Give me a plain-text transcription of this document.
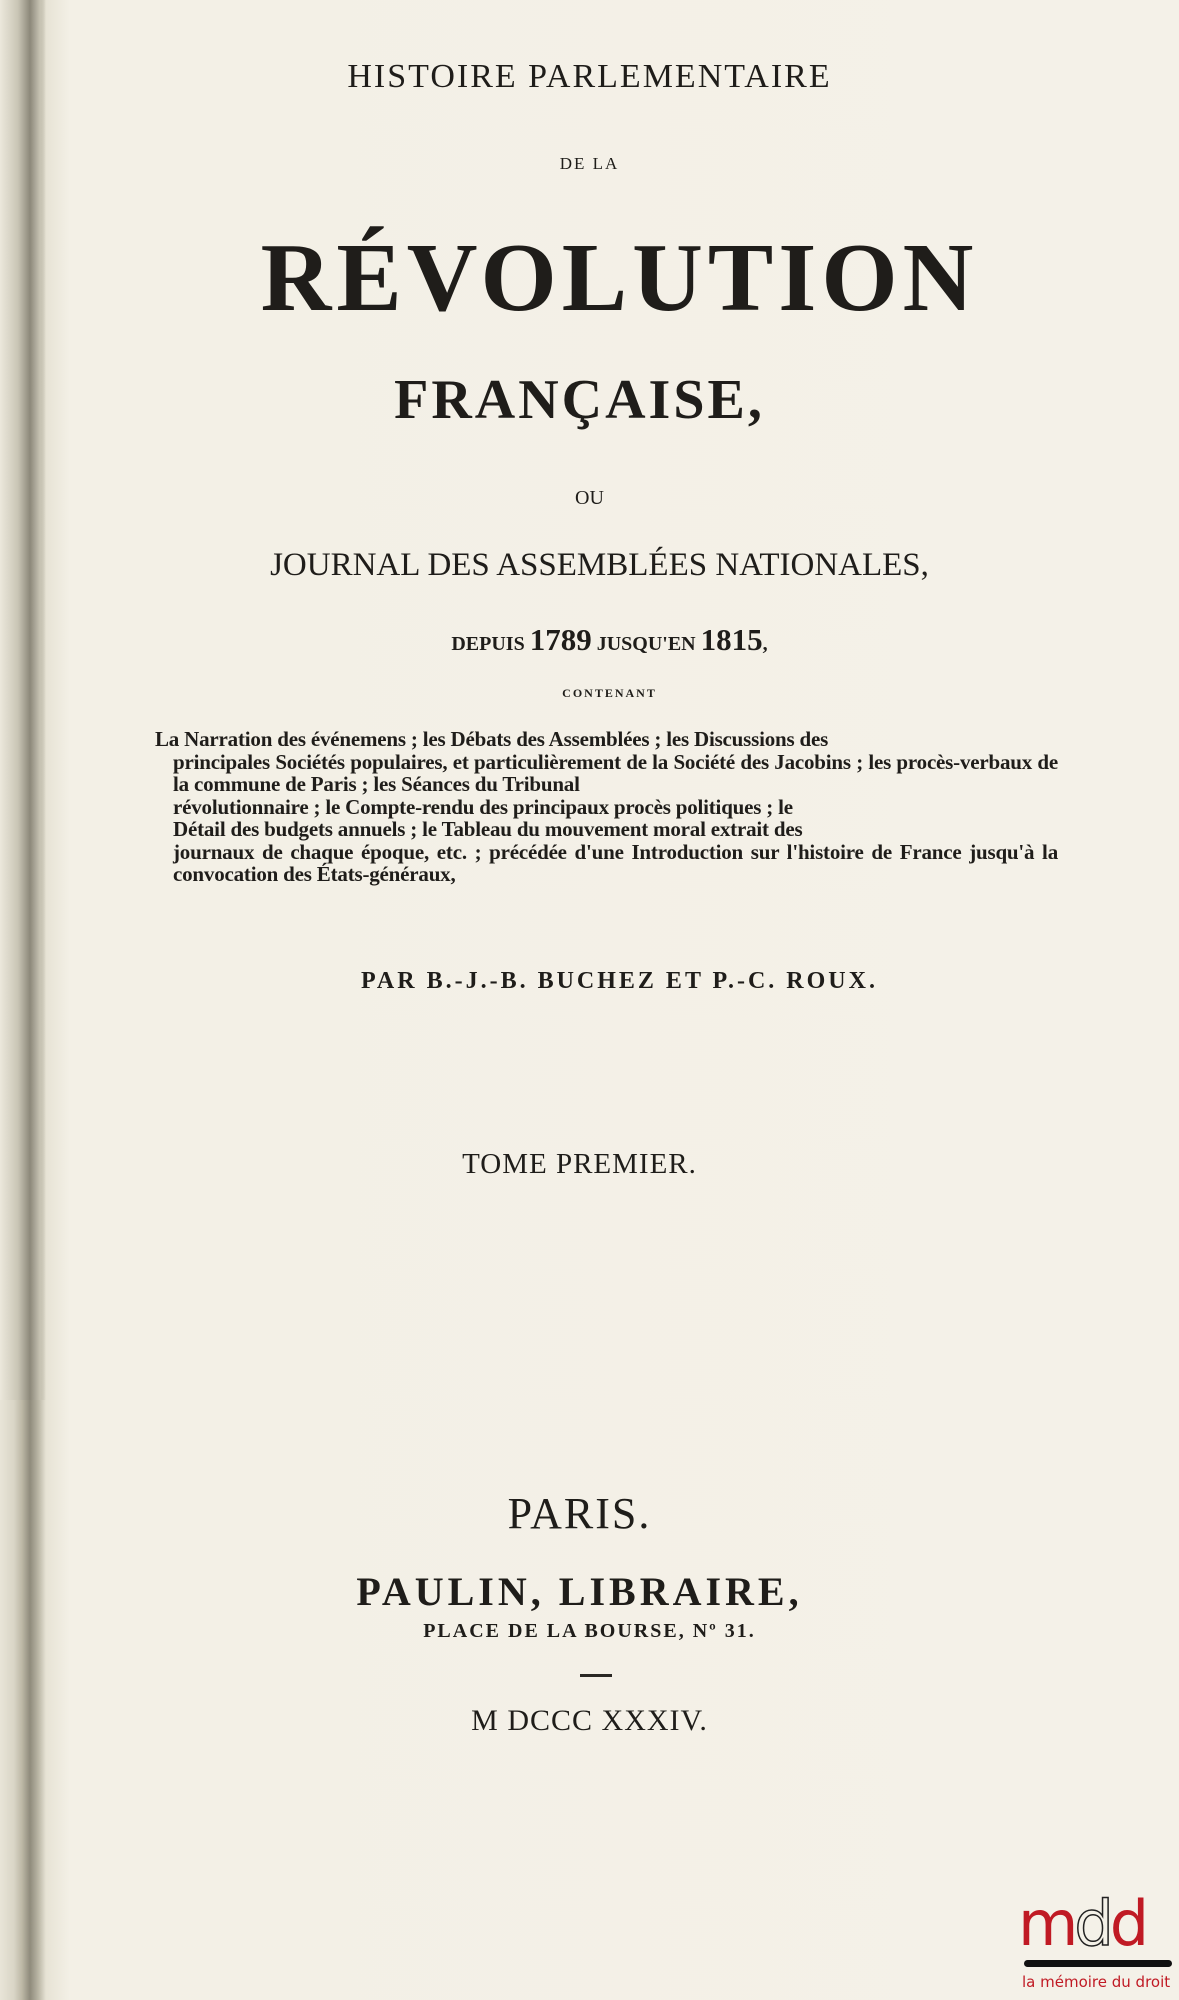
HISTOIRE PARLEMENTAIRE
DE LA
RÉVOLUTION
FRANÇAISE,
OU
JOURNAL DES ASSEMBLÉES NATIONALES,
DEPUIS 1789 JUSQU'EN 1815,
CONTENANT
La Narration des événemens ; les Débats des Assemblées ; les Discussions des
principales Sociétés populaires, et particulièrement de la Société des Jacobins ; les procès-verbaux de la commune de Paris ; les Séances du Tribunal
révolutionnaire ; le Compte-rendu des principaux procès politiques ; le
Détail des budgets annuels ; le Tableau du mouvement moral extrait des
journaux de chaque époque, etc. ; précédée d'une Introduction sur l'histoire de France jusqu'à la convocation des États-généraux,
PAR B.-J.-B. BUCHEZ ET P.-C. ROUX.
TOME PREMIER.
PARIS.
PAULIN, LIBRAIRE,
PLACE DE LA BOURSE, Nº 31.
M DCCC XXXIV.
mdd
la mémoire du droit
